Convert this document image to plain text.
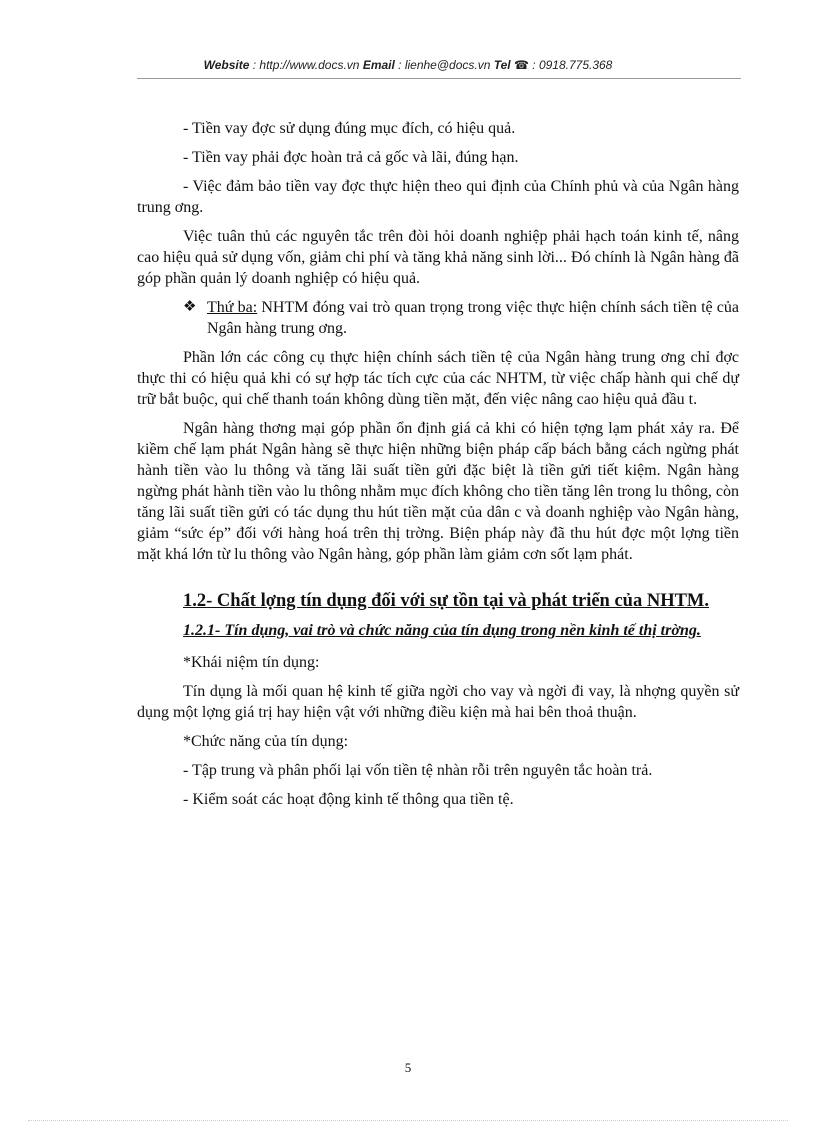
Website : http://www.docs.vn Email : lienhe@docs.vn Tel ☎ : 0918.775.368

- Tiền vay đợc sử dụng đúng mục đích, có hiệu quả.

- Tiền vay phải đợc hoàn trả cả gốc và lãi, đúng hạn.

- Việc đảm bảo tiền vay đợc thực hiện theo qui định của Chính phủ và của Ngân hàng trung ơng.

Việc tuân thủ các nguyên tắc trên đòi hỏi doanh nghiệp phải hạch toán kinh tế, nâng cao hiệu quả sử dụng vốn, giảm chi phí và tăng khả năng sinh lời... Đó chính là Ngân hàng đã góp phần quản lý doanh nghiệp có hiệu quả.

❖ Thứ ba: NHTM đóng vai trò quan trọng trong việc thực hiện chính sách tiền tệ của Ngân hàng trung ơng.

Phần lớn các công cụ thực hiện chính sách tiền tệ của Ngân hàng trung ơng chỉ đợc thực thi có hiệu quả khi có sự hợp tác tích cực của các NHTM, từ việc chấp hành qui chế dự trữ bắt buộc, qui chế thanh toán không dùng tiền mặt, đến việc nâng cao hiệu quả đầu t.

Ngân hàng thơng mại góp phần ổn định giá cả khi có hiện tợng lạm phát xảy ra. Để kiềm chế lạm phát Ngân hàng sẽ thực hiện những biện pháp cấp bách bằng cách ngừng phát hành tiền vào lu thông và tăng lãi suất tiền gửi đặc biệt là tiền gửi tiết kiệm. Ngân hàng ngừng phát hành tiền vào lu thông nhằm mục đích không cho tiền tăng lên trong lu thông, còn tăng lãi suất tiền gửi có tác dụng thu hút tiền mặt của dân c và doanh nghiệp vào Ngân hàng, giảm “sức ép” đối với hàng hoá trên thị trờng. Biện pháp này đã thu hút đợc một lợng tiền mặt khá lớn từ lu thông vào Ngân hàng, góp phần làm giảm cơn sốt lạm phát.

1.2- Chất lợng tín dụng đối với sự tồn tại và phát triển của NHTM.
1.2.1- Tín dụng, vai trò và chức năng của tín dụng trong nền kinh tế thị trờng.

*Khái niệm tín dụng:

Tín dụng là mối quan hệ kinh tế giữa ngời cho vay và ngời đi vay, là nhợng quyền sử dụng một lợng giá trị hay hiện vật với những điều kiện mà hai bên thoả thuận.

*Chức năng của tín dụng:

- Tập trung và phân phối lại vốn tiền tệ nhàn rỗi trên nguyên tắc hoàn trả.

- Kiểm soát các hoạt động kinh tế thông qua tiền tệ.

5
